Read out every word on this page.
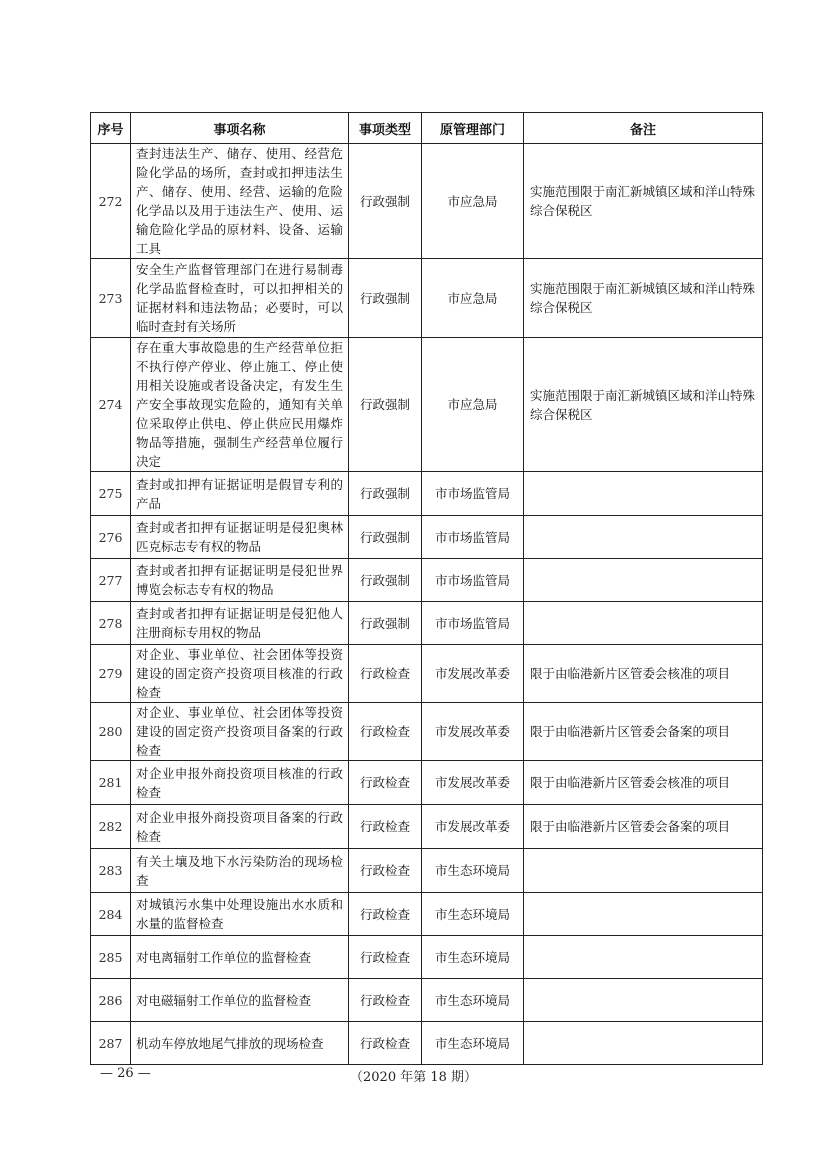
序号	事项名称	事项类型	原管理部门	备注
272	查封违法生产、储存、使用、经营危险化学品的场所，查封或扣押违法生产、储存、使用、经营、运输的危险化学品以及用于违法生产、使用、运输危险化学品的原材料、设备、运输工具	行政强制	市应急局	实施范围限于南汇新城镇区域和洋山特殊综合保税区
273	安全生产监督管理部门在进行易制毒化学品监督检查时，可以扣押相关的证据材料和违法物品；必要时，可以临时查封有关场所	行政强制	市应急局	实施范围限于南汇新城镇区域和洋山特殊综合保税区
274	存在重大事故隐患的生产经营单位拒不执行停产停业、停止施工、停止使用相关设施或者设备决定，有发生生产安全事故现实危险的，通知有关单位采取停止供电、停止供应民用爆炸物品等措施，强制生产经营单位履行决定	行政强制	市应急局	实施范围限于南汇新城镇区域和洋山特殊综合保税区
275	查封或扣押有证据证明是假冒专利的产品	行政强制	市市场监管局	
276	查封或者扣押有证据证明是侵犯奥林匹克标志专有权的物品	行政强制	市市场监管局	
277	查封或者扣押有证据证明是侵犯世界博览会标志专有权的物品	行政强制	市市场监管局	
278	查封或者扣押有证据证明是侵犯他人注册商标专用权的物品	行政强制	市市场监管局	
279	对企业、事业单位、社会团体等投资建设的固定资产投资项目核准的行政检查	行政检查	市发展改革委	限于由临港新片区管委会核准的项目
280	对企业、事业单位、社会团体等投资建设的固定资产投资项目备案的行政检查	行政检查	市发展改革委	限于由临港新片区管委会备案的项目
281	对企业申报外商投资项目核准的行政检查	行政检查	市发展改革委	限于由临港新片区管委会核准的项目
282	对企业申报外商投资项目备案的行政检查	行政检查	市发展改革委	限于由临港新片区管委会备案的项目
283	有关土壤及地下水污染防治的现场检查	行政检查	市生态环境局	
284	对城镇污水集中处理设施出水水质和水量的监督检查	行政检查	市生态环境局	
285	对电离辐射工作单位的监督检查	行政检查	市生态环境局	
286	对电磁辐射工作单位的监督检查	行政检查	市生态环境局	
287	机动车停放地尾气排放的现场检查	行政检查	市生态环境局	
— 26 —	（2020 年第 18 期）
